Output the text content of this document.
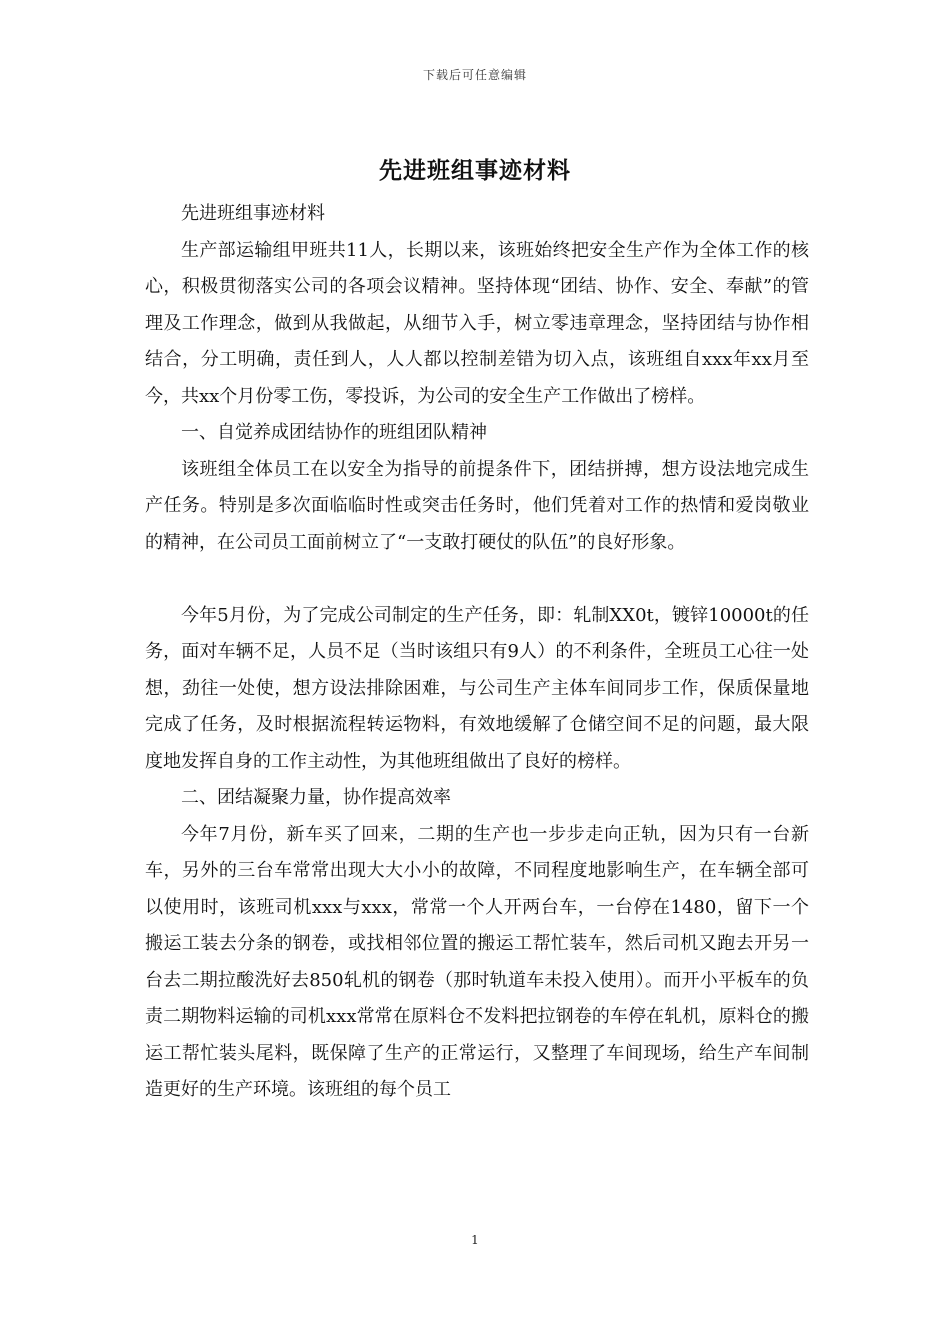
下载后可任意编辑
先进班组事迹材料

先进班组事迹材料

生产部运输组甲班共11人，长期以来，该班始终把安全生产作为全体工作的核心，积极贯彻落实公司的各项会议精神。坚持体现“团结、协作、安全、奉献”的管理及工作理念，做到从我做起，从细节入手，树立零违章理念，坚持团结与协作相结合，分工明确，责任到人，人人都以控制差错为切入点，该班组自xxx年xx月至今，共xx个月份零工伤，零投诉，为公司的安全生产工作做出了榜样。

一、自觉养成团结协作的班组团队精神

该班组全体员工在以安全为指导的前提条件下，团结拼搏，想方设法地完成生产任务。特别是多次面临临时性或突击任务时，他们凭着对工作的热情和爱岗敬业的精神，在公司员工面前树立了“一支敢打硬仗的队伍”的良好形象。

今年5月份，为了完成公司制定的生产任务，即：轧制XX0t，镀锌10000t的任务，面对车辆不足，人员不足（当时该组只有9人）的不利条件，全班员工心往一处想，劲往一处使，想方设法排除困难，与公司生产主体车间同步工作，保质保量地完成了任务，及时根据流程转运物料，有效地缓解了仓储空间不足的问题，最大限度地发挥自身的工作主动性，为其他班组做出了良好的榜样。

二、团结凝聚力量，协作提高效率

今年7月份，新车买了回来，二期的生产也一步步走向正轨，因为只有一台新车，另外的三台车常常出现大大小小的故障，不同程度地影响生产，在车辆全部可以使用时，该班司机xxx与xxx，常常一个人开两台车，一台停在1480，留下一个搬运工装去分条的钢卷，或找相邻位置的搬运工帮忙装车，然后司机又跑去开另一台去二期拉酸洗好去850轧机的钢卷（那时轨道车未投入使用）。而开小平板车的负责二期物料运输的司机xxx常常在原料仓不发料把拉钢卷的车停在轧机，原料仓的搬运工帮忙装头尾料，既保障了生产的正常运行，又整理了车间现场，给生产车间制造更好的生产环境。该班组的每个员工

1
